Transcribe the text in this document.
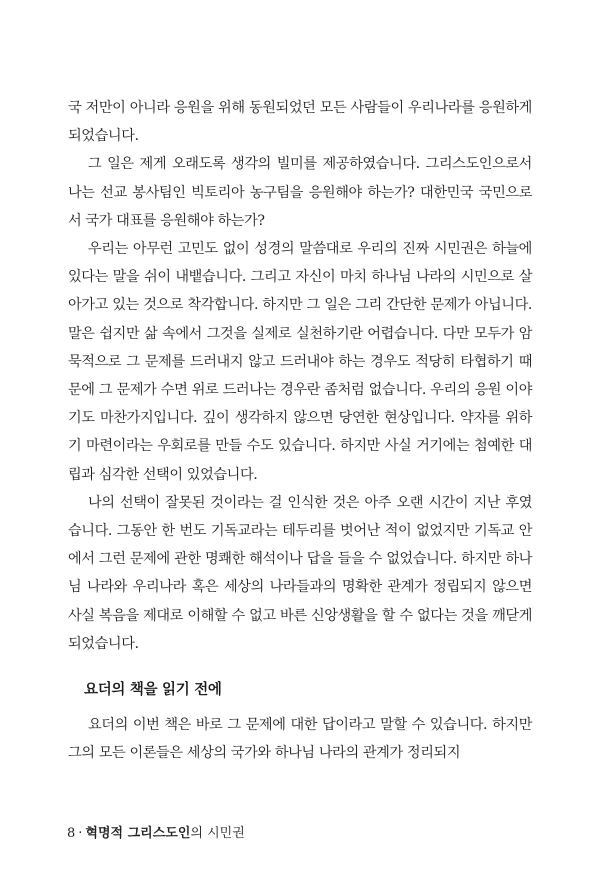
국 저만이 아니라 응원을 위해 동원되었던 모든 사람들이 우리나라를 응원하게 되었습니다.

그 일은 제게 오래도록 생각의 빌미를 제공하였습니다. 그리스도인으로서 나는 선교 봉사팀인 빅토리아 농구팀을 응원해야 하는가? 대한민국 국민으로서 국가 대표를 응원해야 하는가?

우리는 아무런 고민도 없이 성경의 말씀대로 우리의 진짜 시민권은 하늘에 있다는 말을 쉬이 내뱉습니다. 그리고 자신이 마치 하나님 나라의 시민으로 살아가고 있는 것으로 착각합니다. 하지만 그 일은 그리 간단한 문제가 아닙니다. 말은 쉽지만 삶 속에서 그것을 실제로 실천하기란 어렵습니다. 다만 모두가 암묵적으로 그 문제를 드러내지 않고 드러내야 하는 경우도 적당히 타협하기 때문에 그 문제가 수면 위로 드러나는 경우란 좀처럼 없습니다. 우리의 응원 이야기도 마찬가지입니다. 깊이 생각하지 않으면 당연한 현상입니다. 약자를 위하기 마련이라는 우회로를 만들 수도 있습니다. 하지만 사실 거기에는 첨예한 대립과 심각한 선택이 있었습니다.

나의 선택이 잘못된 것이라는 걸 인식한 것은 아주 오랜 시간이 지난 후였습니다. 그동안 한 번도 기독교라는 테두리를 벗어난 적이 없었지만 기독교 안에서 그런 문제에 관한 명쾌한 해석이나 답을 들을 수 없었습니다. 하지만 하나님 나라와 우리나라 혹은 세상의 나라들과의 명확한 관계가 정립되지 않으면 사실 복음을 제대로 이해할 수 없고 바른 신앙생활을 할 수 없다는 것을 깨닫게 되었습니다.

요더의 책을 읽기 전에

요더의 이번 책은 바로 그 문제에 대한 답이라고 말할 수 있습니다. 하지만 그의 모든 이론들은 세상의 국가와 하나님 나라의 관계가 정리되지

8 · 혁명적 그리스도인의 시민권
